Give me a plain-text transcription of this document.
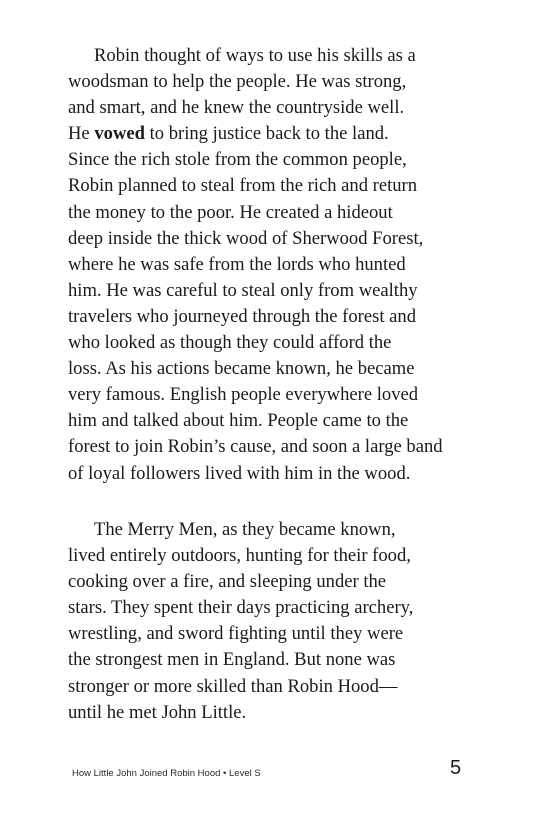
Robin thought of ways to use his skills as a
woodsman to help the people. He was strong,
and smart, and he knew the countryside well.
He vowed to bring justice back to the land.
Since the rich stole from the common people,
Robin planned to steal from the rich and return
the money to the poor. He created a hideout
deep inside the thick wood of Sherwood Forest,
where he was safe from the lords who hunted
him. He was careful to steal only from wealthy
travelers who journeyed through the forest and
who looked as though they could afford the
loss. As his actions became known, he became
very famous. English people everywhere loved
him and talked about him. People came to the
forest to join Robin’s cause, and soon a large band
of loyal followers lived with him in the wood.
The Merry Men, as they became known,
lived entirely outdoors, hunting for their food,
cooking over a fire, and sleeping under the
stars. They spent their days practicing archery,
wrestling, and sword fighting until they were
the strongest men in England. But none was
stronger or more skilled than Robin Hood—
until he met John Little.
How Little John Joined Robin Hood • Level S	5
